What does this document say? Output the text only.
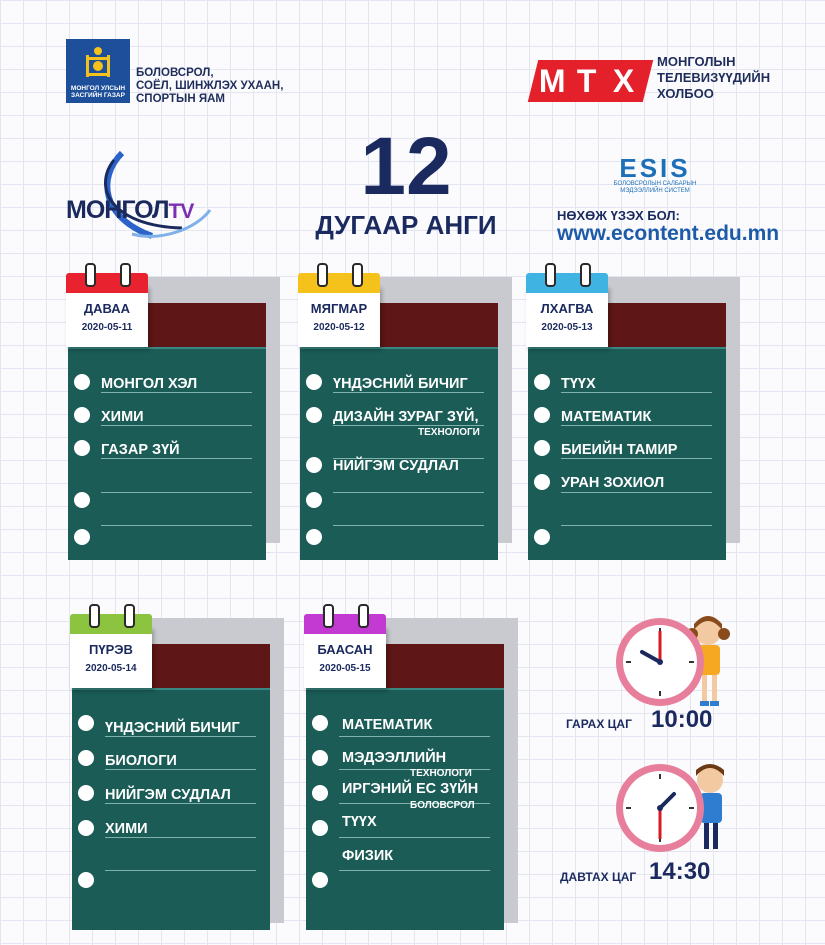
МОНГОЛ УЛСЫН ЗАСГИЙН ГАЗАР
БОЛОВСРОЛ,
СОЁЛ, ШИНЖЛЭХ УХААН,
СПОРТЫН ЯАМ	М Т Х
МОНГОЛЫН
ТЕЛЕВИЗҮҮДИЙН
ХОЛБОО
МОНГОЛTV 12
ДУГААР АНГИ
ESIS
БОЛОВСРОЛЫН САЛБАРЫН МЭДЭЭЛЛИЙН СИСТЕМ
НӨХӨЖ ҮЗЭХ БОЛ:
www.econtent.edu.mn
МОНГОЛ ХЭЛ
ХИМИ
ГАЗАР ЗҮЙ
ДАВАА
2020-05-11
ҮНДЭСНИЙ БИЧИГ
ДИЗАЙН ЗУРАГ ЗҮЙ,
ТЕХНОЛОГИ
НИЙГЭМ СУДЛАЛ
МЯГМАР
2020-05-12
ТҮҮХ
МАТЕМАТИК
БИЕИЙН ТАМИР
УРАН ЗОХИОЛ
ЛХАГВА
2020-05-13
ҮНДЭСНИЙ БИЧИГ
БИОЛОГИ
НИЙГЭМ СУДЛАЛ
ХИМИ
ПҮРЭВ
2020-05-14
МАТЕМАТИК
МЭДЭЭЛЛИЙН
ТЕХНОЛОГИ
ИРГЭНИЙ ЕС ЗҮЙН
БОЛОВСРОЛ
ТҮҮХ
ФИЗИК
БААСАН
2020-05-15
ГАРАХ ЦАГ 10:00
ДАВТАХ ЦАГ 14:30
